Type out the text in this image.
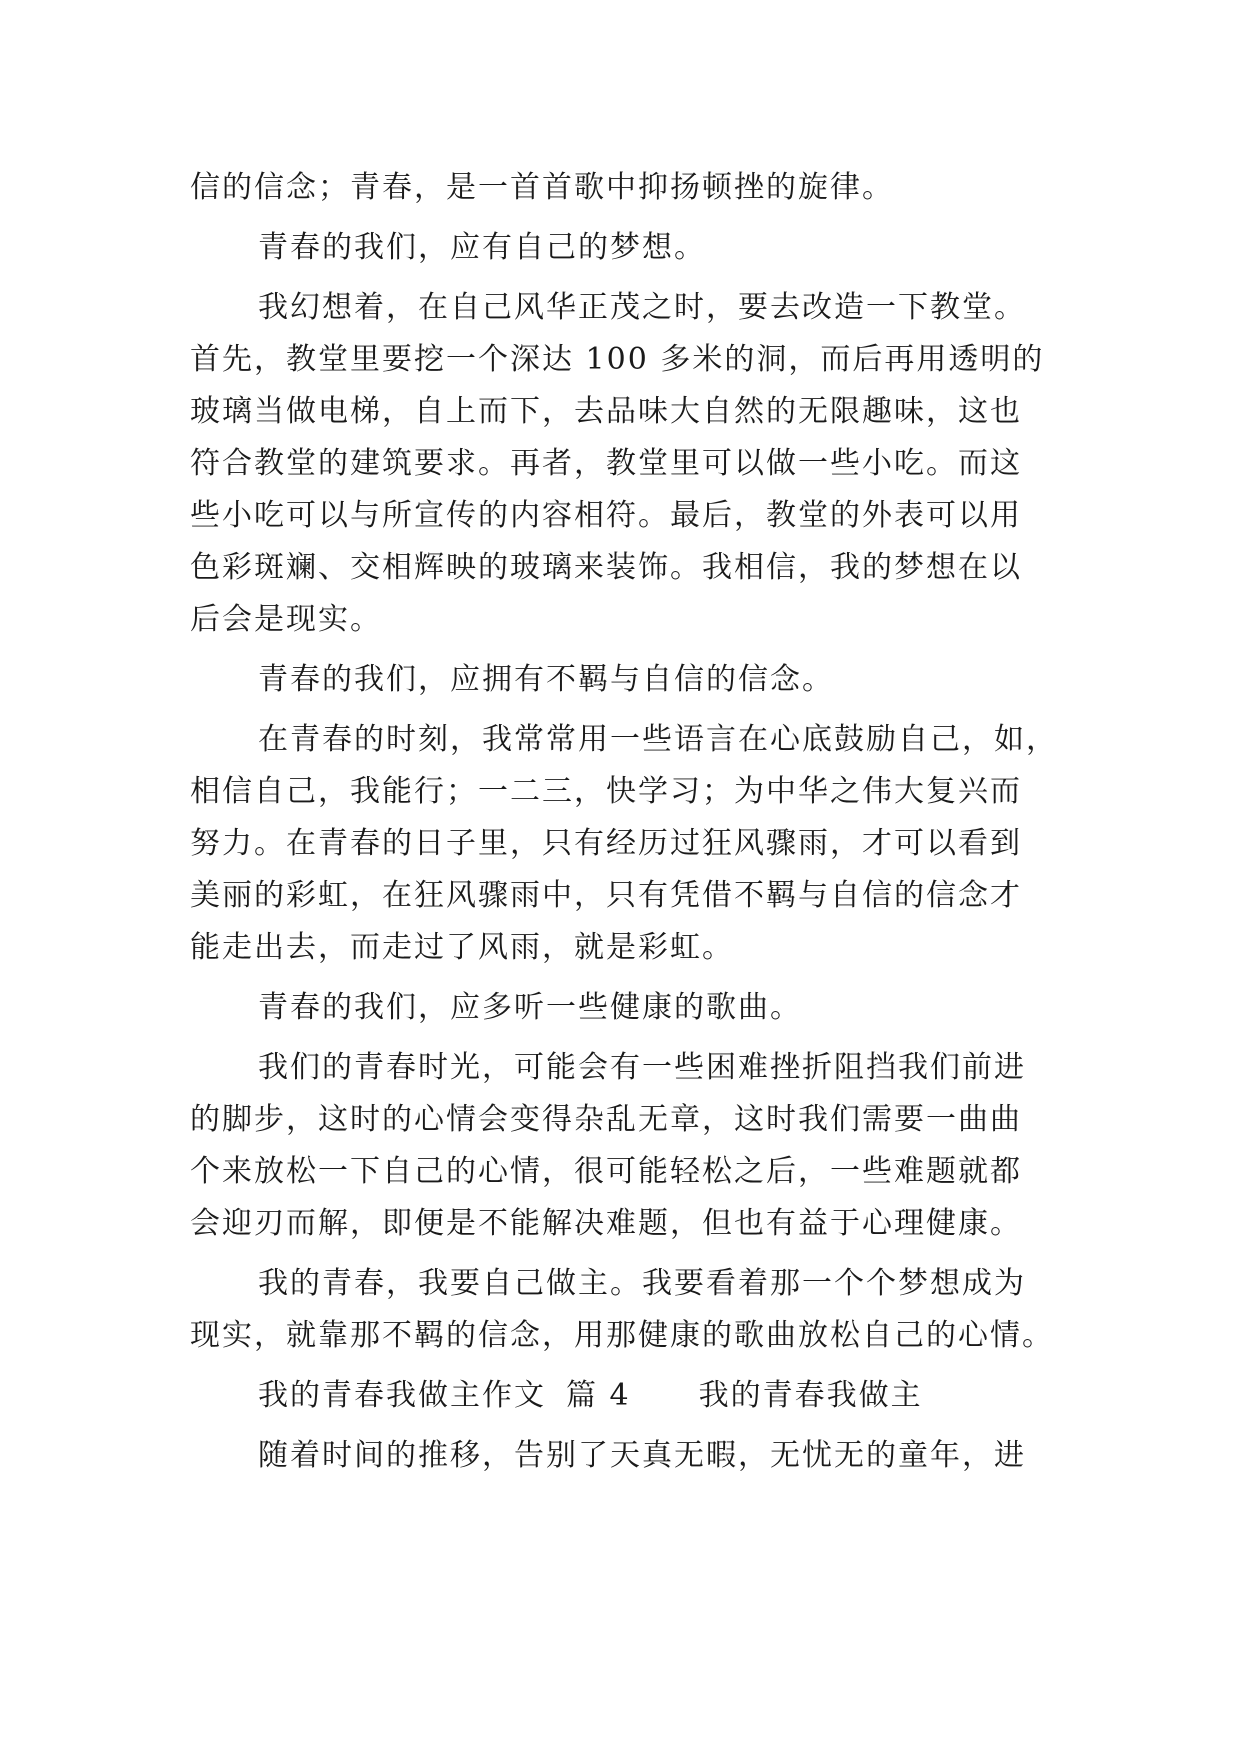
信的信念；青春，是一首首歌中抑扬顿挫的旋律。
青春的我们，应有自己的梦想。
我幻想着，在自己风华正茂之时，要去改造一下教堂。
首先，教堂里要挖一个深达 100 多米的洞，而后再用透明的
玻璃当做电梯，自上而下，去品味大自然的无限趣味，这也
符合教堂的建筑要求。再者，教堂里可以做一些小吃。而这
些小吃可以与所宣传的内容相符。最后，教堂的外表可以用
色彩斑斓、交相辉映的玻璃来装饰。我相信，我的梦想在以
后会是现实。
青春的我们，应拥有不羁与自信的信念。
在青春的时刻，我常常用一些语言在心底鼓励自己，如，
相信自己，我能行；一二三，快学习；为中华之伟大复兴而
努力。在青春的日子里，只有经历过狂风骤雨，才可以看到
美丽的彩虹，在狂风骤雨中，只有凭借不羁与自信的信念才
能走出去，而走过了风雨，就是彩虹。
青春的我们，应多听一些健康的歌曲。
我们的青春时光，可能会有一些困难挫折阻挡我们前进
的脚步，这时的心情会变得杂乱无章，这时我们需要一曲曲
个来放松一下自己的心情，很可能轻松之后，一些难题就都
会迎刃而解，即便是不能解决难题，但也有益于心理健康。
我的青春，我要自己做主。我要看着那一个个梦想成为
现实，就靠那不羁的信念，用那健康的歌曲放松自己的心情。
我的青春我做主作文 篇 4 我的青春我做主
随着时间的推移，告别了天真无暇，无忧无的童年，进
